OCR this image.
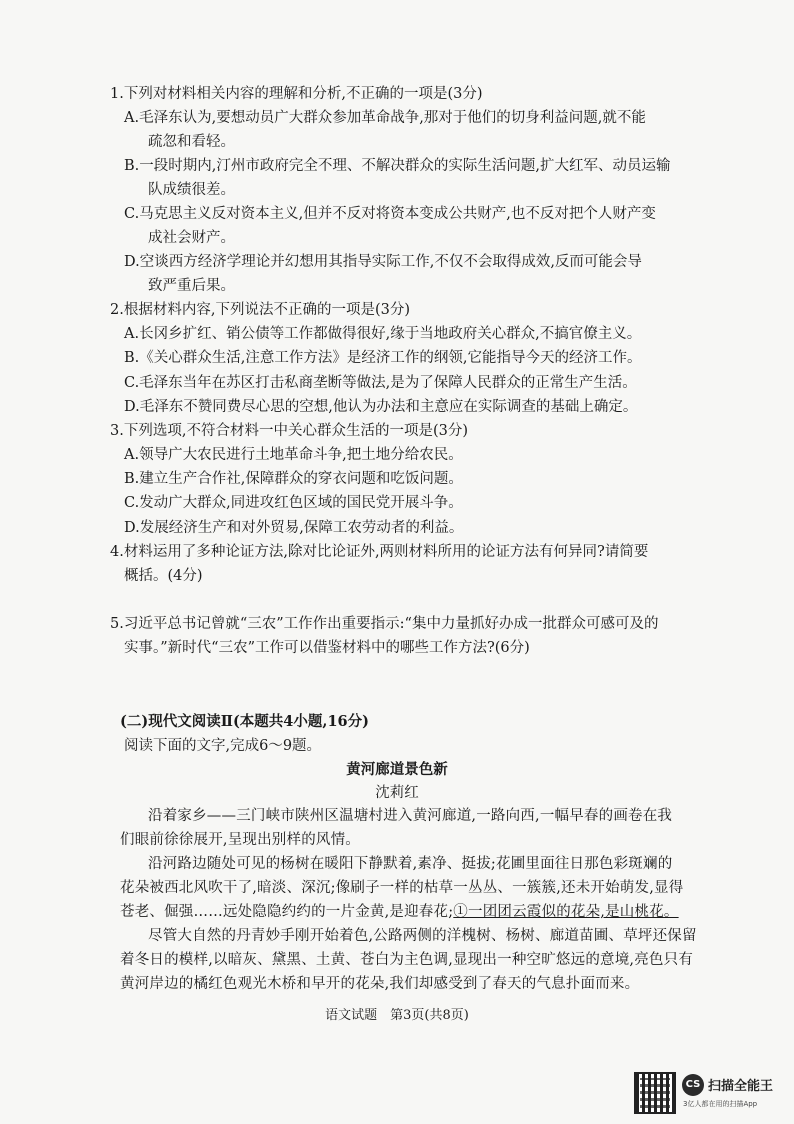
1.下列对材料相关内容的理解和分析,不正确的一项是(3分)
A.毛泽东认为,要想动员广大群众参加革命战争,那对于他们的切身利益问题,就不能
疏忽和看轻。
B.一段时期内,汀州市政府完全不理、不解决群众的实际生活问题,扩大红军、动员运输
队成绩很差。
C.马克思主义反对资本主义,但并不反对将资本变成公共财产,也不反对把个人财产变
成社会财产。
D.空谈西方经济学理论并幻想用其指导实际工作,不仅不会取得成效,反而可能会导
致严重后果。
2.根据材料内容,下列说法不正确的一项是(3分)
A.长冈乡扩红、销公债等工作都做得很好,缘于当地政府关心群众,不搞官僚主义。
B.《关心群众生活,注意工作方法》是经济工作的纲领,它能指导今天的经济工作。
C.毛泽东当年在苏区打击私商垄断等做法,是为了保障人民群众的正常生产生活。
D.毛泽东不赞同费尽心思的空想,他认为办法和主意应在实际调查的基础上确定。
3.下列选项,不符合材料一中关心群众生活的一项是(3分)
A.领导广大农民进行土地革命斗争,把土地分给农民。
B.建立生产合作社,保障群众的穿衣问题和吃饭问题。
C.发动广大群众,同进攻红色区域的国民党开展斗争。
D.发展经济生产和对外贸易,保障工农劳动者的利益。
4.材料运用了多种论证方法,除对比论证外,两则材料所用的论证方法有何异同?请简要
概括。(4分)
5.习近平总书记曾就“三农”工作作出重要指示:“集中力量抓好办成一批群众可感可及的
实事。”新时代“三农”工作可以借鉴材料中的哪些工作方法?(6分)
(二)现代文阅读Ⅱ(本题共4小题,16分)
阅读下面的文字,完成6～9题。
黄河廊道景色新
沈莉红
沿着家乡——三门峡市陕州区温塘村进入黄河廊道,一路向西,一幅早春的画卷在我
们眼前徐徐展开,呈现出别样的风情。
沿河路边随处可见的杨树在暖阳下静默着,素净、挺拔;花圃里面往日那色彩斑斓的
花朵被西北风吹干了,暗淡、深沉;像刷子一样的枯草一丛丛、一簇簇,还未开始萌发,显得
苍老、倔强……远处隐隐约约的一片金黄,是迎春花;①一团团云霞似的花朵,是山桃花。
尽管大自然的丹青妙手刚开始着色,公路两侧的洋槐树、杨树、廊道苗圃、草坪还保留
着冬日的模样,以暗灰、黛黑、土黄、苍白为主色调,显现出一种空旷悠远的意境,亮色只有
黄河岸边的橘红色观光木桥和早开的花朵,我们却感受到了春天的气息扑面而来。
语文试题　第3页(共8页)
CS 扫描全能王
3亿人都在用的扫描App
